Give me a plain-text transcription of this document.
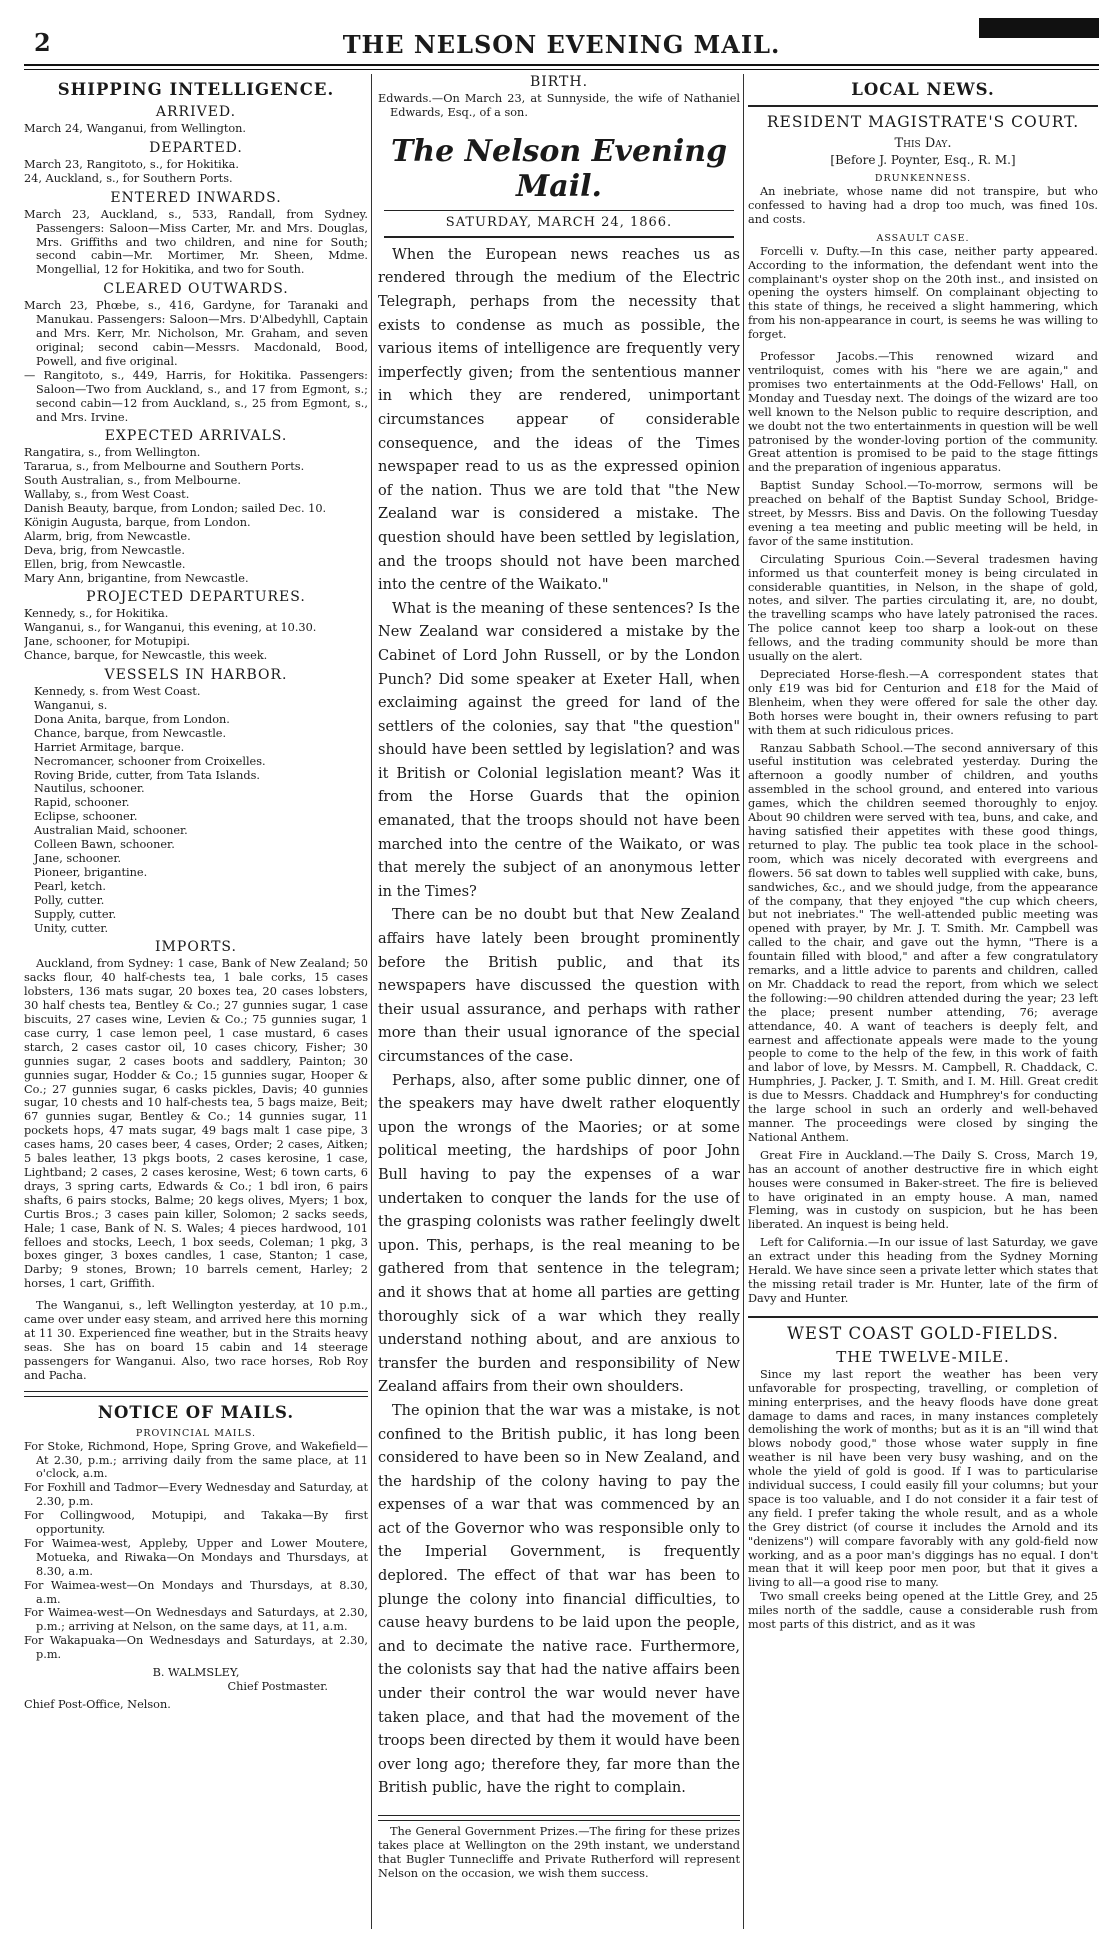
2	THE NELSON EVENING MAIL.
SHIPPING INTELLIGENCE.
ARRIVED.

March 24, Wanganui, from Wellington.

DEPARTED.

March 23, Rangitoto, s., for Hokitika.

24, Auckland, s., for Southern Ports.

ENTERED INWARDS.

March 23, Auckland, s., 533, Randall, from Sydney. Passengers: Saloon—Miss Carter, Mr. and Mrs. Douglas, Mrs. Griffiths and two children, and nine for South; second cabin—Mr. Mortimer, Mr. Sheen, Mdme. Mongellial, 12 for Hokitika, and two for South.

CLEARED OUTWARDS.

March 23, Phœbe, s., 416, Gardyne, for Taranaki and Manukau. Passengers: Saloon—Mrs. D'Albedyhll, Captain and Mrs. Kerr, Mr. Nicholson, Mr. Graham, and seven original; second cabin—Messrs. Macdonald, Bood, Powell, and five original.

— Rangitoto, s., 449, Harris, for Hokitika. Passengers: Saloon—Two from Auckland, s., and 17 from Egmont, s.; second cabin—12 from Auckland, s., 25 from Egmont, s., and Mrs. Irvine.

EXPECTED ARRIVALS.

Rangatira, s., from Wellington.

Tararua, s., from Melbourne and Southern Ports.

South Australian, s., from Melbourne.

Wallaby, s., from West Coast.

Danish Beauty, barque, from London; sailed Dec. 10.

Königin Augusta, barque, from London.

Alarm, brig, from Newcastle.

Deva, brig, from Newcastle.

Ellen, brig, from Newcastle.

Mary Ann, brigantine, from Newcastle.

PROJECTED DEPARTURES.

Kennedy, s., for Hokitika.

Wanganui, s., for Wanganui, this evening, at 10.30.

Jane, schooner, for Motupipi.

Chance, barque, for Newcastle, this week.

VESSELS IN HARBOR.

Kennedy, s. from West Coast.

Wanganui, s.

Dona Anita, barque, from London.

Chance, barque, from Newcastle.

Harriet Armitage, barque.

Necromancer, schooner from Croixelles.

Roving Bride, cutter, from Tata Islands.

Nautilus, schooner.

Rapid, schooner.

Eclipse, schooner.

Australian Maid, schooner.

Colleen Bawn, schooner.

Jane, schooner.

Pioneer, brigantine.

Pearl, ketch.

Polly, cutter.

Supply, cutter.

Unity, cutter.

IMPORTS.

Auckland, from Sydney: 1 case, Bank of New Zealand; 50 sacks flour, 40 half-chests tea, 1 bale corks, 15 cases lobsters, 136 mats sugar, 20 boxes tea, 20 cases lobsters, 30 half chests tea, Bentley & Co.; 27 gunnies sugar, 1 case biscuits, 27 cases wine, Levien & Co.; 75 gunnies sugar, 1 case curry, 1 case lemon peel, 1 case mustard, 6 cases starch, 2 cases castor oil, 10 cases chicory, Fisher; 30 gunnies sugar, 2 cases boots and saddlery, Painton; 30 gunnies sugar, Hodder & Co.; 15 gunnies sugar, Hooper & Co.; 27 gunnies sugar, 6 casks pickles, Davis; 40 gunnies sugar, 10 chests and 10 half-chests tea, 5 bags maize, Beit; 67 gunnies sugar, Bentley & Co.; 14 gunnies sugar, 11 pockets hops, 47 mats sugar, 49 bags malt 1 case pipe, 3 cases hams, 20 cases beer, 4 cases, Order; 2 cases, Aitken; 5 bales leather, 13 pkgs boots, 2 cases kerosine, 1 case, Lightband; 2 cases, 2 cases kerosine, West; 6 town carts, 6 drays, 3 spring carts, Edwards & Co.; 1 bdl iron, 6 pairs shafts, 6 pairs stocks, Balme; 20 kegs olives, Myers; 1 box, Curtis Bros.; 3 cases pain killer, Solomon; 2 sacks seeds, Hale; 1 case, Bank of N. S. Wales; 4 pieces hardwood, 101 felloes and stocks, Leech, 1 box seeds, Coleman; 1 pkg, 3 boxes ginger, 3 boxes candles, 1 case, Stanton; 1 case, Darby; 9 stones, Brown; 10 barrels cement, Harley; 2 horses, 1 cart, Griffith.

The Wanganui, s., left Wellington yesterday, at 10 p.m., came over under easy steam, and arrived here this morning at 11 30. Experienced fine weather, but in the Straits heavy seas. She has on board 15 cabin and 14 steerage passengers for Wanganui. Also, two race horses, Rob Roy and Pacha.

NOTICE OF MAILS.
PROVINCIAL MAILS.

For Stoke, Richmond, Hope, Spring Grove, and Wakefield—At 2.30, p.m.; arriving daily from the same place, at 11 o'clock, a.m.

For Foxhill and Tadmor—Every Wednesday and Saturday, at 2.30, p.m.

For Collingwood, Motupipi, and Takaka—By first opportunity.

For Waimea-west, Appleby, Upper and Lower Moutere, Motueka, and Riwaka—On Mondays and Thursdays, at 8.30, a.m.

For Waimea-west—On Mondays and Thursdays, at 8.30, a.m.

For Waimea-west—On Wednesdays and Saturdays, at 2.30, p.m.; arriving at Nelson, on the same days, at 11, a.m.

For Wakapuaka—On Wednesdays and Saturdays, at 2.30, p.m.

B. WALMSLEY,
Chief Postmaster.
Chief Post-Office, Nelson.
BIRTH.

Edwards.—On March 23, at Sunnyside, the wife of Nathaniel Edwards, Esq., of a son.

The Nelson Evening Mail.
SATURDAY, MARCH 24, 1866.

When the European news reaches us as rendered through the medium of the Electric Telegraph, perhaps from the necessity that exists to condense as much as possible, the various items of intelligence are frequently very imperfectly given; from the sententious manner in which they are rendered, unimportant circumstances appear of considerable consequence, and the ideas of the Times newspaper read to us as the expressed opinion of the nation. Thus we are told that "the New Zealand war is considered a mistake. The question should have been settled by legislation, and the troops should not have been marched into the centre of the Waikato."

What is the meaning of these sentences? Is the New Zealand war considered a mistake by the Cabinet of Lord John Russell, or by the London Punch? Did some speaker at Exeter Hall, when exclaiming against the greed for land of the settlers of the colonies, say that "the question" should have been settled by legislation? and was it British or Colonial legislation meant? Was it from the Horse Guards that the opinion emanated, that the troops should not have been marched into the centre of the Waikato, or was that merely the subject of an anonymous letter in the Times?

There can be no doubt but that New Zealand affairs have lately been brought prominently before the British public, and that its newspapers have discussed the question with their usual assurance, and perhaps with rather more than their usual ignorance of the special circumstances of the case.

Perhaps, also, after some public dinner, one of the speakers may have dwelt rather eloquently upon the wrongs of the Maories; or at some political meeting, the hardships of poor John Bull having to pay the expenses of a war undertaken to conquer the lands for the use of the grasping colonists was rather feelingly dwelt upon. This, perhaps, is the real meaning to be gathered from that sentence in the telegram; and it shows that at home all parties are getting thoroughly sick of a war which they really understand nothing about, and are anxious to transfer the burden and responsibility of New Zealand affairs from their own shoulders.

The opinion that the war was a mistake, is not confined to the British public, it has long been considered to have been so in New Zealand, and the hardship of the colony having to pay the expenses of a war that was commenced by an act of the Governor who was responsible only to the Imperial Government, is frequently deplored. The effect of that war has been to plunge the colony into financial difficulties, to cause heavy burdens to be laid upon the people, and to decimate the native race. Furthermore, the colonists say that had the native affairs been under their control the war would never have taken place, and that had the movement of the troops been directed by them it would have been over long ago; therefore they, far more than the British public, have the right to complain.

The General Government Prizes.—The firing for these prizes takes place at Wellington on the 29th instant, we understand that Bugler Tunnecliffe and Private Rutherford will represent Nelson on the occasion, we wish them success.

LOCAL NEWS.
RESIDENT MAGISTRATE'S COURT.
This Day.
[Before J. Poynter, Esq., R. M.]
DRUNKENNESS.

An inebriate, whose name did not transpire, but who confessed to having had a drop too much, was fined 10s. and costs.

ASSAULT CASE.

Forcelli v. Dufty.—In this case, neither party appeared. According to the information, the defendant went into the complainant's oyster shop on the 20th inst., and insisted on opening the oysters himself. On complainant objecting to this state of things, he received a slight hammering, which from his non-appearance in court, is seems he was willing to forget.

Professor Jacobs.—This renowned wizard and ventriloquist, comes with his "here we are again," and promises two entertainments at the Odd-Fellows' Hall, on Monday and Tuesday next. The doings of the wizard are too well known to the Nelson public to require description, and we doubt not the two entertainments in question will be well patronised by the wonder-loving portion of the community. Great attention is promised to be paid to the stage fittings and the preparation of ingenious apparatus.

Baptist Sunday School.—To-morrow, sermons will be preached on behalf of the Baptist Sunday School, Bridge-street, by Messrs. Biss and Davis. On the following Tuesday evening a tea meeting and public meeting will be held, in favor of the same institution.

Circulating Spurious Coin.—Several tradesmen having informed us that counterfeit money is being circulated in considerable quantities, in Nelson, in the shape of gold, notes, and silver. The parties circulating it, are, no doubt, the travelling scamps who have lately patronised the races. The police cannot keep too sharp a look-out on these fellows, and the trading community should be more than usually on the alert.

Depreciated Horse-flesh.—A correspondent states that only £19 was bid for Centurion and £18 for the Maid of Blenheim, when they were offered for sale the other day. Both horses were bought in, their owners refusing to part with them at such ridiculous prices.

Ranzau Sabbath School.—The second anniversary of this useful institution was celebrated yesterday. During the afternoon a goodly number of children, and youths assembled in the school ground, and entered into various games, which the children seemed thoroughly to enjoy. About 90 children were served with tea, buns, and cake, and having satisfied their appetites with these good things, returned to play. The public tea took place in the school-room, which was nicely decorated with evergreens and flowers. 56 sat down to tables well supplied with cake, buns, sandwiches, &c., and we should judge, from the appearance of the company, that they enjoyed "the cup which cheers, but not inebriates." The well-attended public meeting was opened with prayer, by Mr. J. T. Smith. Mr. Campbell was called to the chair, and gave out the hymn, "There is a fountain filled with blood," and after a few congratulatory remarks, and a little advice to parents and children, called on Mr. Chaddack to read the report, from which we select the following:—90 children attended during the year; 23 left the place; present number attending, 76; average attendance, 40. A want of teachers is deeply felt, and earnest and affectionate appeals were made to the young people to come to the help of the few, in this work of faith and labor of love, by Messrs. M. Campbell, R. Chaddack, C. Humphries, J. Packer, J. T. Smith, and I. M. Hill. Great credit is due to Messrs. Chaddack and Humphrey's for conducting the large school in such an orderly and well-behaved manner. The proceedings were closed by singing the National Anthem.

Great Fire in Auckland.—The Daily S. Cross, March 19, has an account of another destructive fire in which eight houses were consumed in Baker-street. The fire is believed to have originated in an empty house. A man, named Fleming, was in custody on suspicion, but he has been liberated. An inquest is being held.

Left for California.—In our issue of last Saturday, we gave an extract under this heading from the Sydney Morning Herald. We have since seen a private letter which states that the missing retail trader is Mr. Hunter, late of the firm of Davy and Hunter.

WEST COAST GOLD-FIELDS.
THE TWELVE-MILE.

Since my last report the weather has been very unfavorable for prospecting, travelling, or completion of mining enterprises, and the heavy floods have done great damage to dams and races, in many instances completely demolishing the work of months; but as it is an "ill wind that blows nobody good," those whose water supply in fine weather is nil have been very busy washing, and on the whole the yield of gold is good. If I was to particularise individual success, I could easily fill your columns; but your space is too valuable, and I do not consider it a fair test of any field. I prefer taking the whole result, and as a whole the Grey district (of course it includes the Arnold and its "denizens") will compare favorably with any gold-field now working, and as a poor man's diggings has no equal. I don't mean that it will keep poor men poor, but that it gives a living to all—a good rise to many.

Two small creeks being opened at the Little Grey, and 25 miles north of the saddle, cause a considerable rush from most parts of this district, and as it was
